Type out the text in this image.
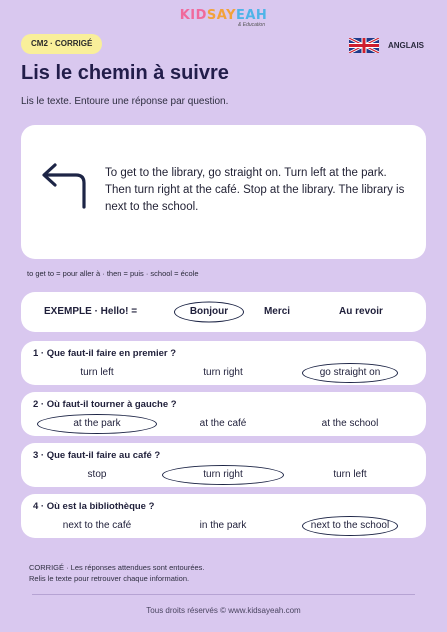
KIDSAYEAH
& Education
CM2 · CORRIGÉ	ANGLAIS
Lis le chemin à suivre
Lis le texte. Entoure une réponse par question.
To get to the library, go straight on. Turn left at the park. Then turn right at the café. Stop at the library. The library is next to the school.
to get to = pour aller à · then = puis · school = école
EXEMPLE · Hello! =	Bonjour	Merci	Au revoir
1 · Que faut-il faire en premier ?
turn left	turn right	go straight on
2 · Où faut-il tourner à gauche ?
at the park	at the café	at the school
3 · Que faut-il faire au café ?
stop	turn right	turn left
4 · Où est la bibliothèque ?
next to the café	in the park	next to the school
CORRIGÉ · Les réponses attendues sont entourées.
Relis le texte pour retrouver chaque information.
Tous droits réservés © www.kidsayeah.com
